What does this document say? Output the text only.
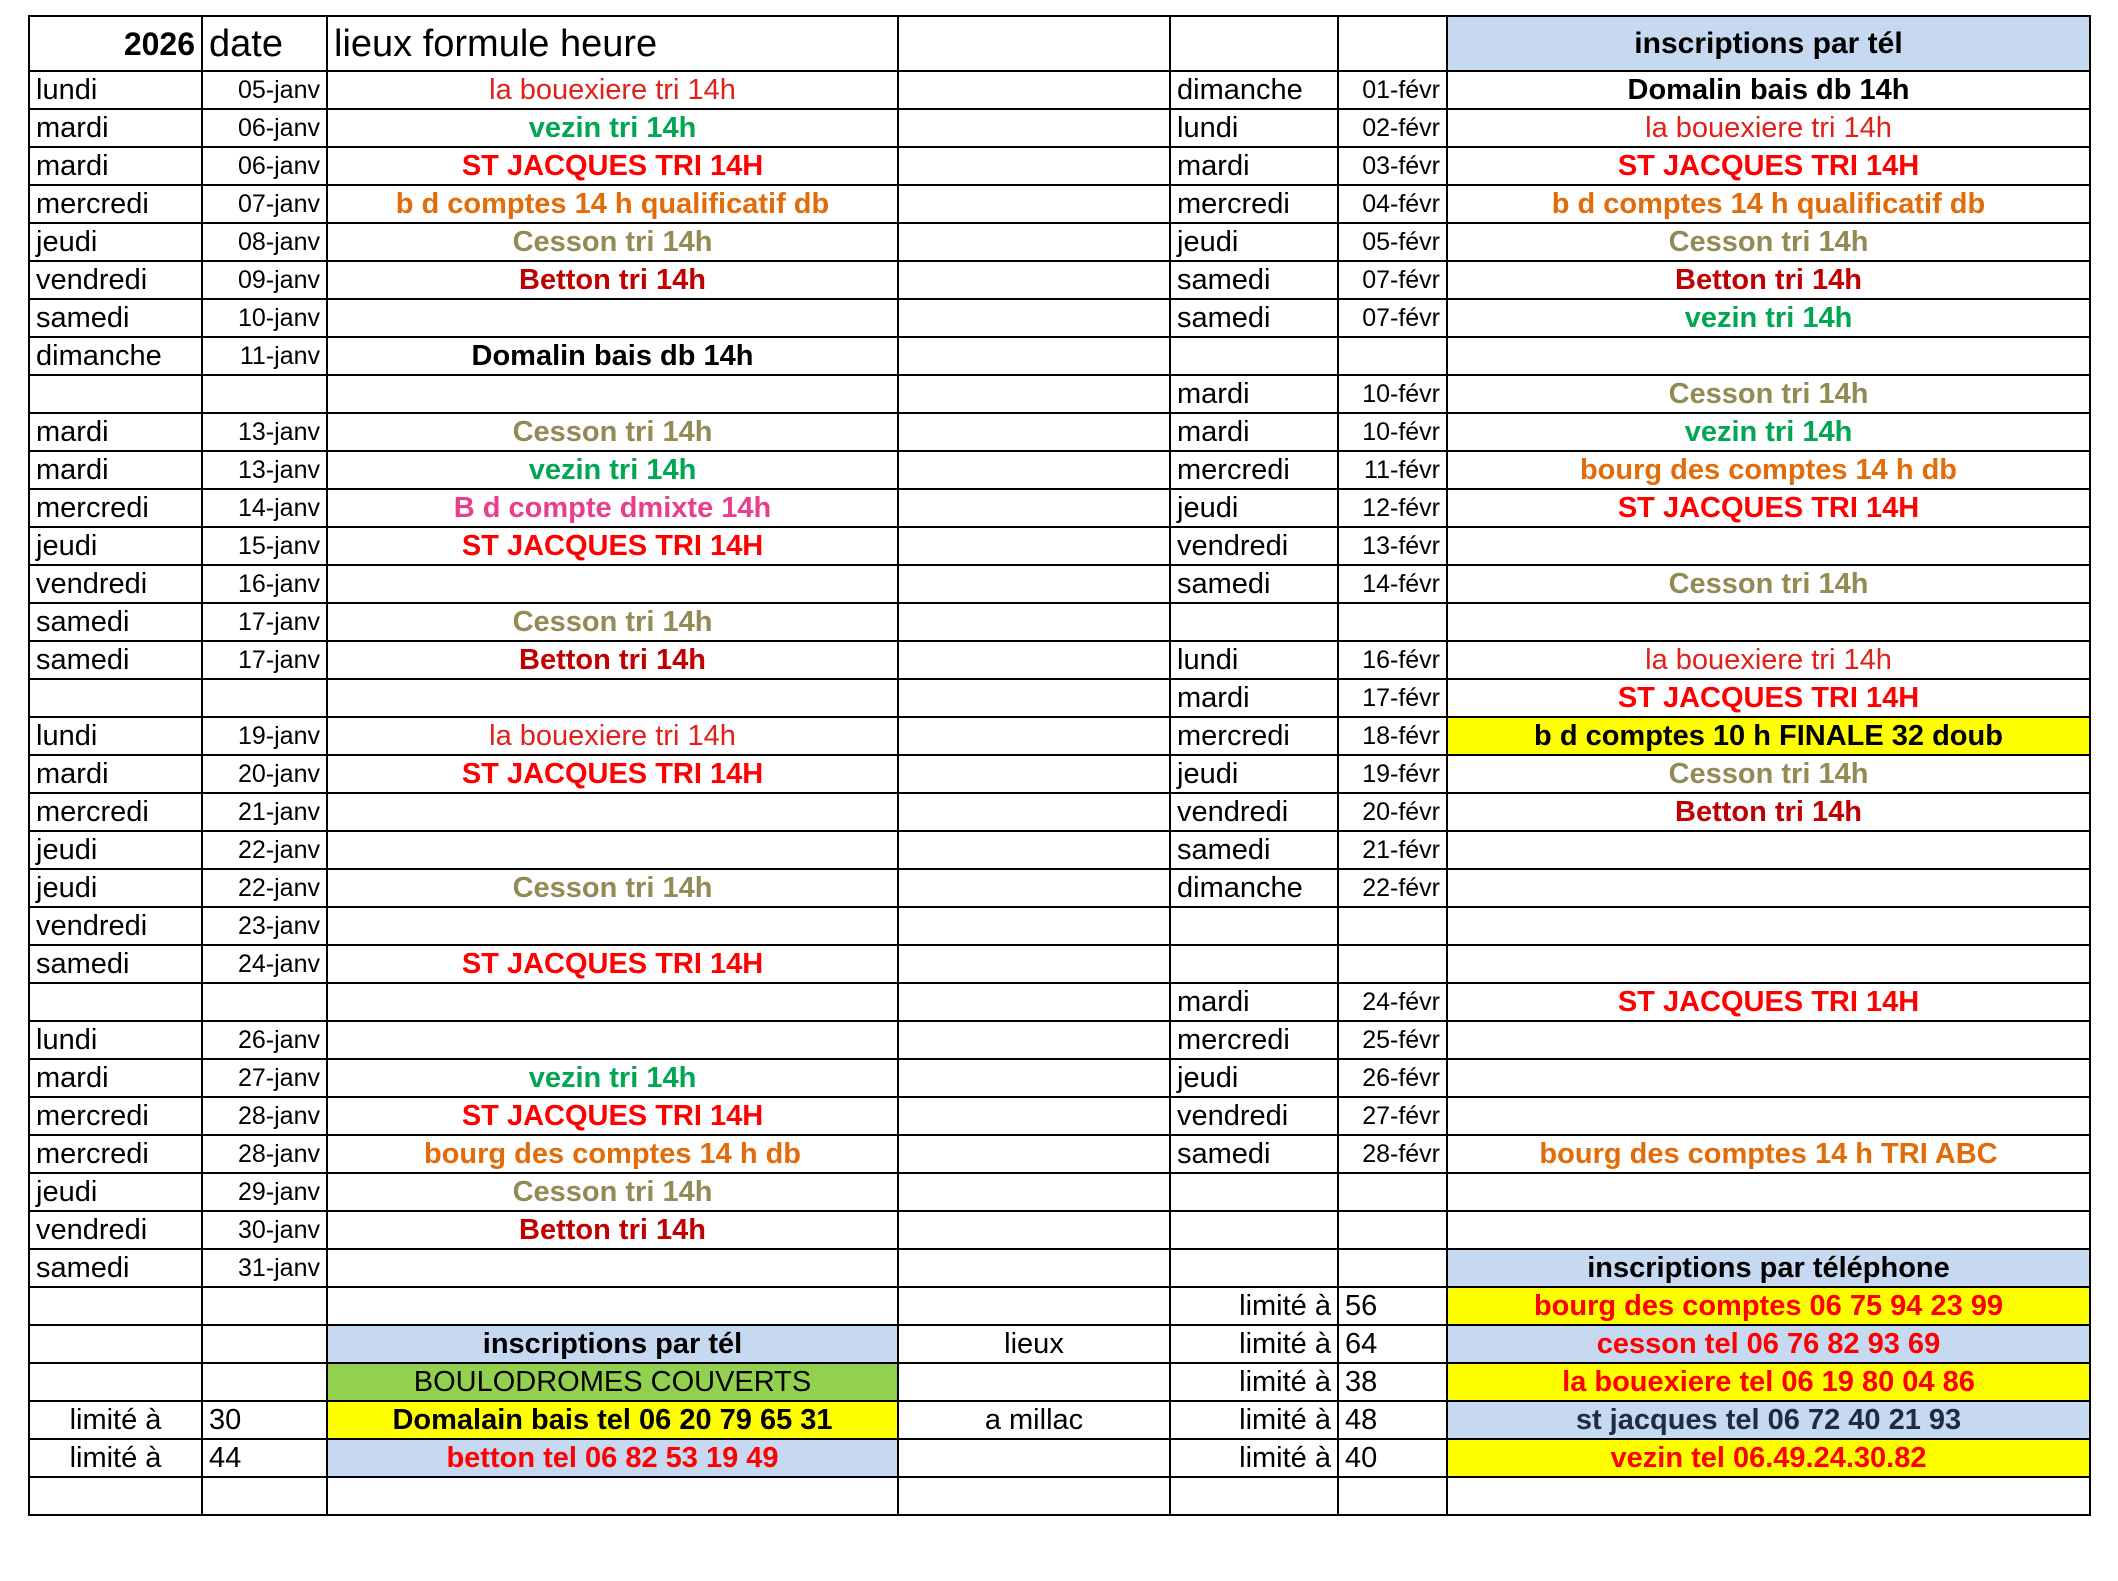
2026	date	lieux formule heure				inscriptions par tél
lundi	05-janv	la bouexiere tri 14h		dimanche	01-févr	Domalin bais db 14h
mardi	06-janv	vezin tri 14h		lundi	02-févr	la bouexiere tri 14h
mardi	06-janv	ST JACQUES TRI 14H		mardi	03-févr	ST JACQUES TRI 14H
mercredi	07-janv	b d comptes 14 h qualificatif db		mercredi	04-févr	b d comptes 14 h qualificatif db
jeudi	08-janv	Cesson tri 14h		jeudi	05-févr	Cesson tri 14h
vendredi	09-janv	Betton tri 14h		samedi	07-févr	Betton tri 14h
samedi	10-janv			samedi	07-févr	vezin tri 14h
dimanche	11-janv	Domalin bais db 14h				
				mardi	10-févr	Cesson tri 14h
mardi	13-janv	Cesson tri 14h		mardi	10-févr	vezin tri 14h
mardi	13-janv	vezin tri 14h		mercredi	11-févr	bourg des comptes 14 h db
mercredi	14-janv	B d compte dmixte 14h		jeudi	12-févr	ST JACQUES TRI 14H
jeudi	15-janv	ST JACQUES TRI 14H		vendredi	13-févr	
vendredi	16-janv			samedi	14-févr	Cesson tri 14h
samedi	17-janv	Cesson tri 14h				
samedi	17-janv	Betton tri 14h		lundi	16-févr	la bouexiere tri 14h
				mardi	17-févr	ST JACQUES TRI 14H
lundi	19-janv	la bouexiere tri 14h		mercredi	18-févr	b d comptes 10 h FINALE 32 doub
mardi	20-janv	ST JACQUES TRI 14H		jeudi	19-févr	Cesson tri 14h
mercredi	21-janv			vendredi	20-févr	Betton tri 14h
jeudi	22-janv			samedi	21-févr	
jeudi	22-janv	Cesson tri 14h		dimanche	22-févr	
vendredi	23-janv					
samedi	24-janv	ST JACQUES TRI 14H				
				mardi	24-févr	ST JACQUES TRI 14H
lundi	26-janv			mercredi	25-févr	
mardi	27-janv	vezin tri 14h		jeudi	26-févr	
mercredi	28-janv	ST JACQUES TRI 14H		vendredi	27-févr	
mercredi	28-janv	bourg des comptes 14 h db		samedi	28-févr	bourg des comptes 14 h TRI ABC
jeudi	29-janv	Cesson tri 14h				
vendredi	30-janv	Betton tri 14h				
samedi	31-janv					inscriptions par téléphone
				limité à	56	bourg des comptes 06 75 94 23 99
		inscriptions par tél	lieux	limité à	64	cesson tel 06 76 82 93 69
		BOULODROMES COUVERTS		limité à	38	la bouexiere tel 06 19 80 04 86
limité à	30	Domalain bais tel 06 20 79 65 31	a millac	limité à	48	st jacques tel 06 72 40 21 93
limité à	44	betton tel 06 82 53 19 49		limité à	40	vezin tel 06.49.24.30.82
